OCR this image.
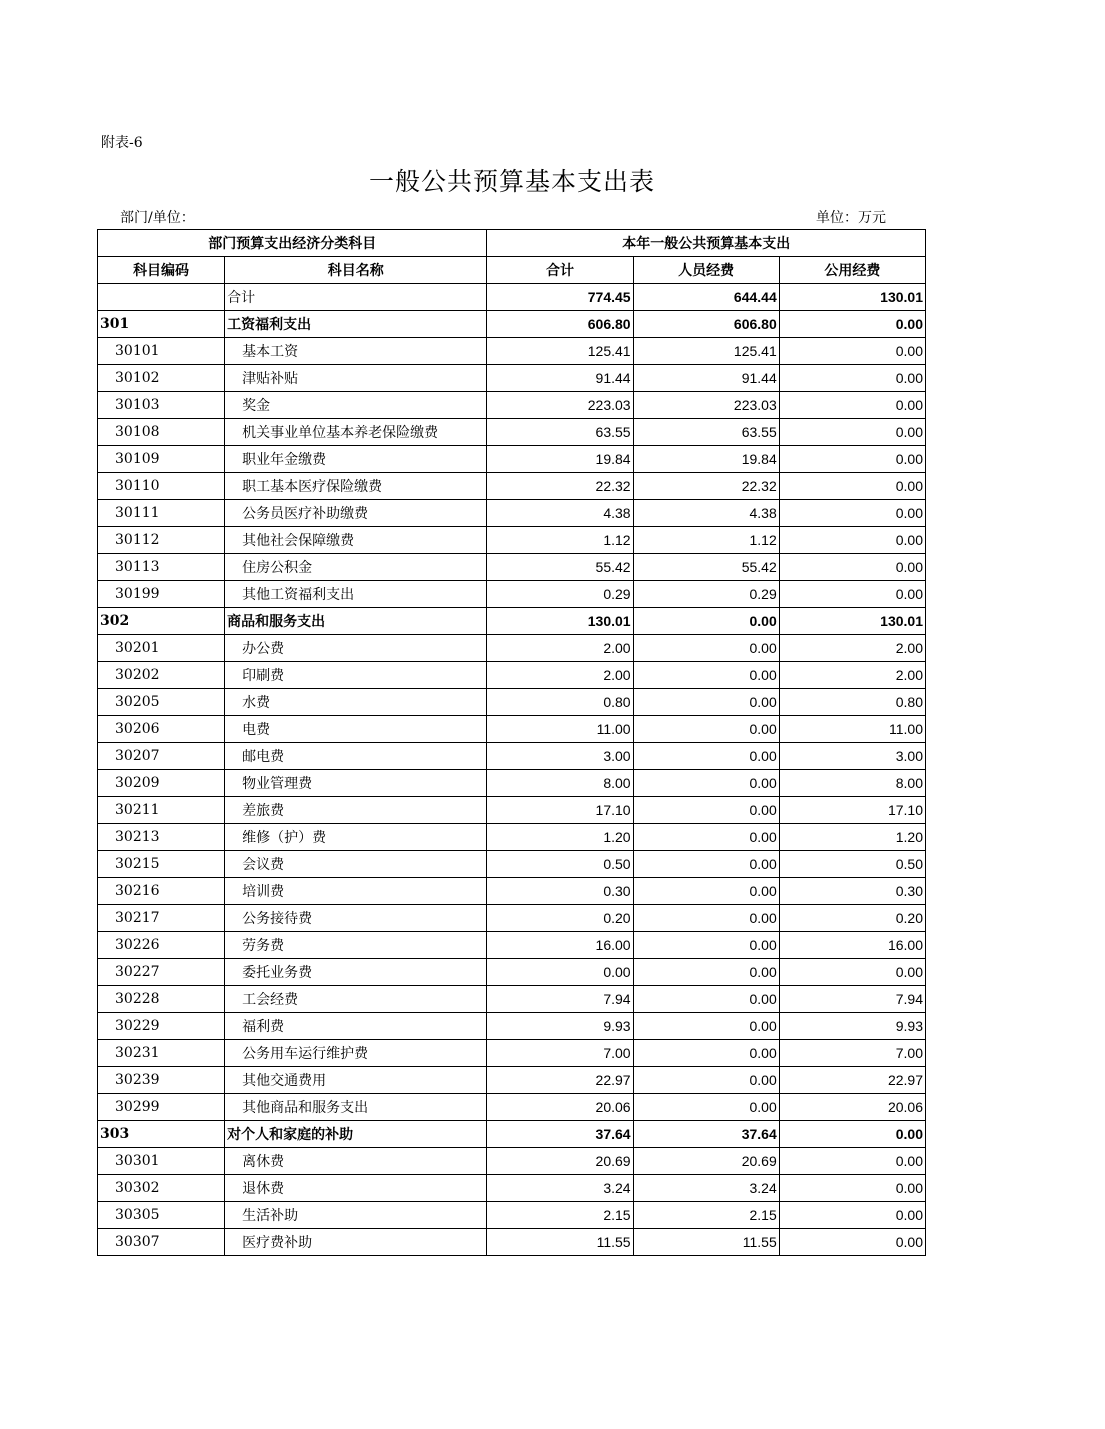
附表-6
一般公共预算基本支出表
部门/单位：	单位：万元
部门预算支出经济分类科目		本年一般公共预算基本支出		
科目编码	科目名称	合计	人员经费	公用经费
	合计	774.45	644.44	130.01
301	工资福利支出	606.80	606.80	0.00
30101	基本工资	125.41	125.41	0.00
30102	津贴补贴	91.44	91.44	0.00
30103	奖金	223.03	223.03	0.00
30108	机关事业单位基本养老保险缴费	63.55	63.55	0.00
30109	职业年金缴费	19.84	19.84	0.00
30110	职工基本医疗保险缴费	22.32	22.32	0.00
30111	公务员医疗补助缴费	4.38	4.38	0.00
30112	其他社会保障缴费	1.12	1.12	0.00
30113	住房公积金	55.42	55.42	0.00
30199	其他工资福利支出	0.29	0.29	0.00
302	商品和服务支出	130.01	0.00	130.01
30201	办公费	2.00	0.00	2.00
30202	印刷费	2.00	0.00	2.00
30205	水费	0.80	0.00	0.80
30206	电费	11.00	0.00	11.00
30207	邮电费	3.00	0.00	3.00
30209	物业管理费	8.00	0.00	8.00
30211	差旅费	17.10	0.00	17.10
30213	维修（护）费	1.20	0.00	1.20
30215	会议费	0.50	0.00	0.50
30216	培训费	0.30	0.00	0.30
30217	公务接待费	0.20	0.00	0.20
30226	劳务费	16.00	0.00	16.00
30227	委托业务费	0.00	0.00	0.00
30228	工会经费	7.94	0.00	7.94
30229	福利费	9.93	0.00	9.93
30231	公务用车运行维护费	7.00	0.00	7.00
30239	其他交通费用	22.97	0.00	22.97
30299	其他商品和服务支出	20.06	0.00	20.06
303	对个人和家庭的补助	37.64	37.64	0.00
30301	离休费	20.69	20.69	0.00
30302	退休费	3.24	3.24	0.00
30305	生活补助	2.15	2.15	0.00
30307	医疗费补助	11.55	11.55	0.00
